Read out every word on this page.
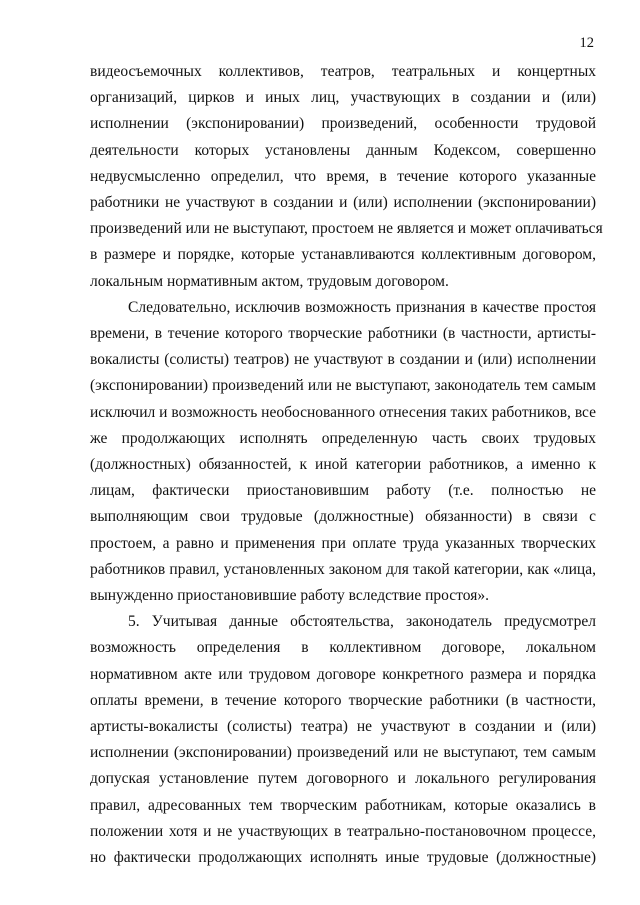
12
видеосъемочных коллективов, театров, театральных и концертных
организаций, цирков и иных лиц, участвующих в создании и (или)
исполнении (экспонировании) произведений, особенности трудовой
деятельности которых установлены данным Кодексом, совершенно
недвусмысленно определил, что время, в течение которого указанные
работники не участвуют в создании и (или) исполнении (экспонировании)
произведений или не выступают, простоем не является и может оплачиваться
в размере и порядке, которые устанавливаются коллективным договором,
локальным нормативным актом, трудовым договором.
Следовательно, исключив возможность признания в качестве простоя
времени, в течение которого творческие работники (в частности, артисты-
вокалисты (солисты) театров) не участвуют в создании и (или) исполнении
(экспонировании) произведений или не выступают, законодатель тем самым
исключил и возможность необоснованного отнесения таких работников, все
же продолжающих исполнять определенную часть своих трудовых
(должностных) обязанностей, к иной категории работников, а именно к
лицам, фактически приостановившим работу (т.е. полностью не
выполняющим свои трудовые (должностные) обязанности) в связи с
простоем, а равно и применения при оплате труда указанных творческих
работников правил, установленных законом для такой категории, как «лица,
вынужденно приостановившие работу вследствие простоя».
5. Учитывая данные обстоятельства, законодатель предусмотрел
возможность определения в коллективном договоре, локальном
нормативном акте или трудовом договоре конкретного размера и порядка
оплаты времени, в течение которого творческие работники (в частности,
артисты-вокалисты (солисты) театра) не участвуют в создании и (или)
исполнении (экспонировании) произведений или не выступают, тем самым
допуская установление путем договорного и локального регулирования
правил, адресованных тем творческим работникам, которые оказались в
положении хотя и не участвующих в театрально-постановочном процессе,
но фактически продолжающих исполнять иные трудовые (должностные)
